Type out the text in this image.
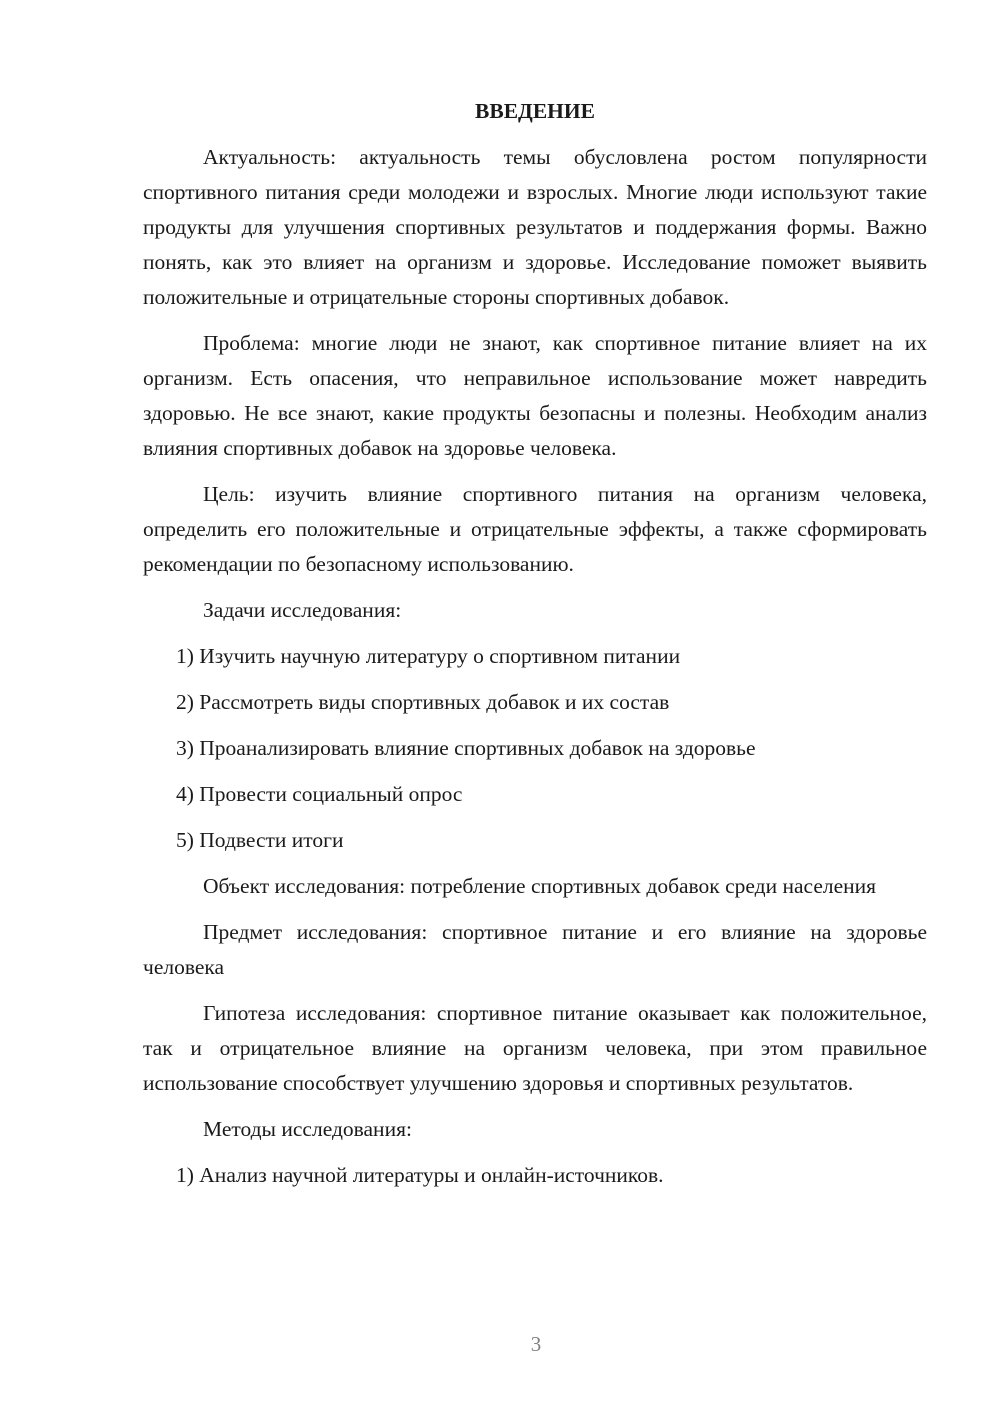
ВВЕДЕНИЕ

Актуальность: актуальность темы обусловлена ростом популярности спортивного питания среди молодежи и взрослых. Многие люди используют такие продукты для улучшения спортивных результатов и поддержания формы. Важно понять, как это влияет на организм и здоровье. Исследование поможет выявить положительные и отрицательные стороны спортивных добавок.

Проблема: многие люди не знают, как спортивное питание влияет на их организм. Есть опасения, что неправильное использование может навредить здоровью. Не все знают, какие продукты безопасны и полезны. Необходим анализ влияния спортивных добавок на здоровье человека.

Цель: изучить влияние спортивного питания на организм человека, определить его положительные и отрицательные эффекты, а также сформировать рекомендации по безопасному использованию.

Задачи исследования:

1) Изучить научную литературу о спортивном питании
2) Рассмотреть виды спортивных добавок и их состав
3) Проанализировать влияние спортивных добавок на здоровье
4) Провести социальный опрос
5) Подвести итоги

Объект исследования: потребление спортивных добавок среди населения

Предмет исследования: спортивное питание и его влияние на здоровье человека

Гипотеза исследования: спортивное питание оказывает как положительное, так и отрицательное влияние на организм человека, при этом правильное использование способствует улучшению здоровья и спортивных результатов.

Методы исследования:

1) Анализ научной литературы и онлайн-источников.
3
